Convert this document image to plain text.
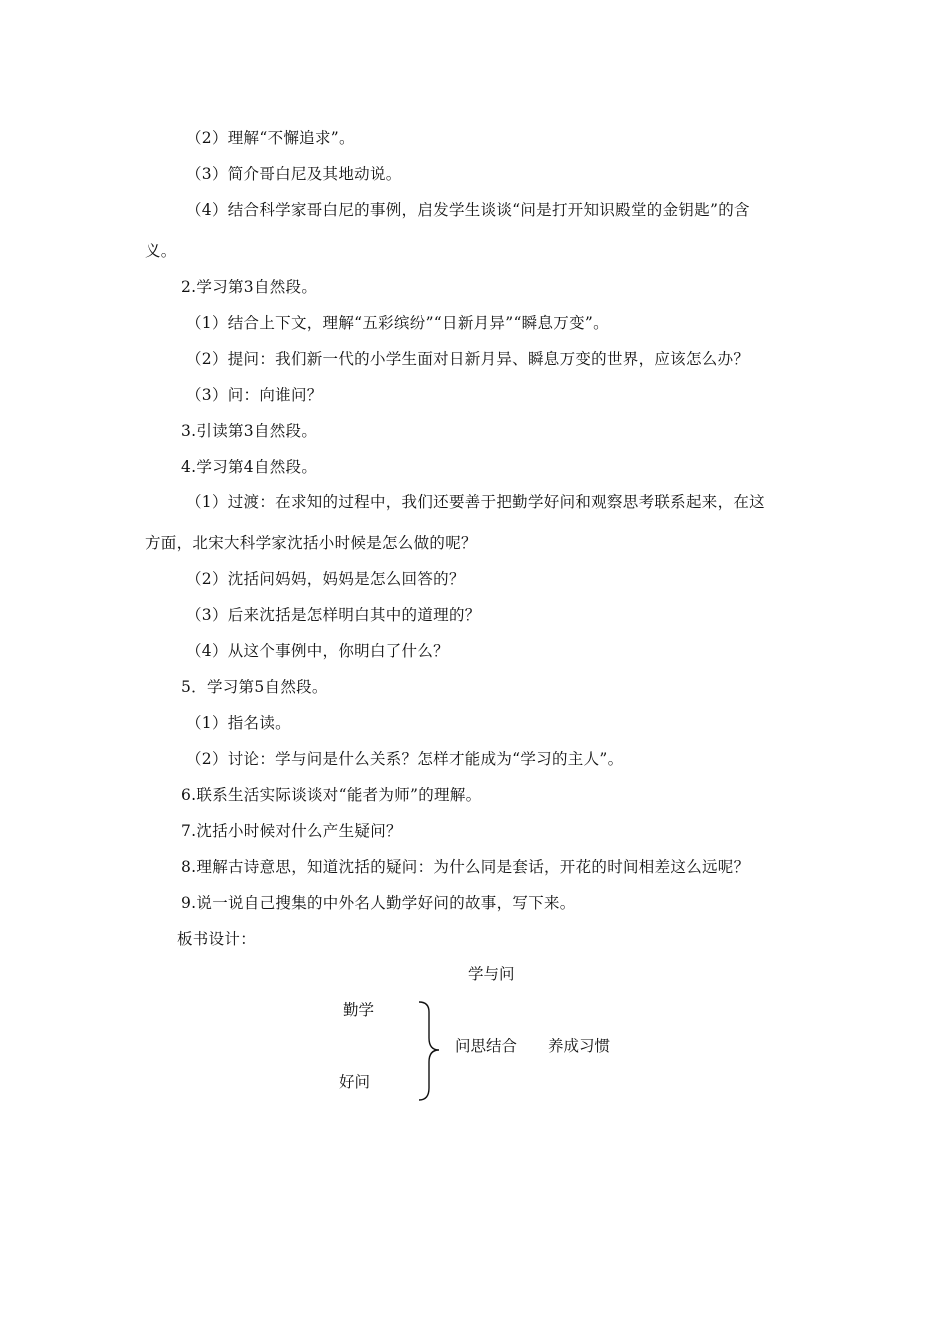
（2）理解“不懈追求”。
（3）简介哥白尼及其地动说。
（4）结合科学家哥白尼的事例，启发学生谈谈“问是打开知识殿堂的金钥匙”的含
义。
2.学习第3自然段。
（1）结合上下文，理解“五彩缤纷”“日新月异”“瞬息万变”。
（2）提问：我们新一代的小学生面对日新月异、瞬息万变的世界，应该怎么办？
（3）问：向谁问？
3.引读第3自然段。
4.学习第4自然段。
（1）过渡：在求知的过程中，我们还要善于把勤学好问和观察思考联系起来，在这
方面，北宋大科学家沈括小时候是怎么做的呢？
（2）沈括问妈妈，妈妈是怎么回答的？
（3）后来沈括是怎样明白其中的道理的？
（4）从这个事例中，你明白了什么？
5．学习第5自然段。
（1）指名读。
（2）讨论：学与问是什么关系？怎样才能成为“学习的主人”。
6.联系生活实际谈谈对“能者为师”的理解。
7.沈括小时候对什么产生疑问？
8.理解古诗意思，知道沈括的疑问：为什么同是套话，开花的时间相差这么远呢？
9.说一说自己搜集的中外名人勤学好问的故事，写下来。
板书设计：
学与问
勤学
好问
问思结合 养成习惯
